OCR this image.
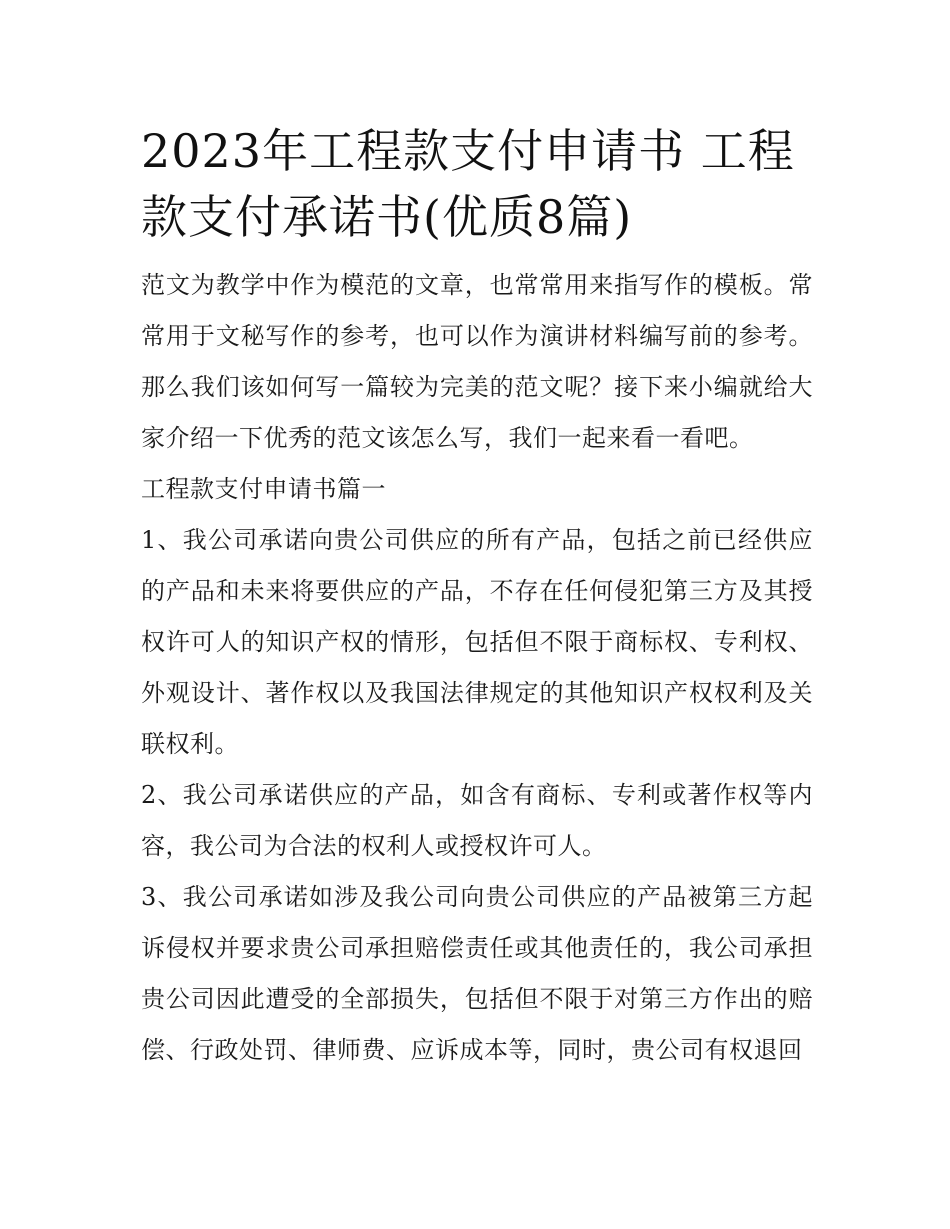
2023年工程款支付申请书 工程款支付承诺书(优质8篇)

范文为教学中作为模范的文章，也常常用来指写作的模板。常常用于文秘写作的参考，也可以作为演讲材料编写前的参考。那么我们该如何写一篇较为完美的范文呢？接下来小编就给大家介绍一下优秀的范文该怎么写，我们一起来看一看吧。

工程款支付申请书篇一

1、我公司承诺向贵公司供应的所有产品，包括之前已经供应的产品和未来将要供应的产品，不存在任何侵犯第三方及其授权许可人的知识产权的情形，包括但不限于商标权、专利权、外观设计、著作权以及我国法律规定的其他知识产权权利及关联权利。

2、我公司承诺供应的产品，如含有商标、专利或著作权等内容，我公司为合法的权利人或授权许可人。

3、我公司承诺如涉及我公司向贵公司供应的产品被第三方起诉侵权并要求贵公司承担赔偿责任或其他责任的，我公司承担贵公司因此遭受的全部损失，包括但不限于对第三方作出的赔偿、行政处罚、律师费、应诉成本等，同时，贵公司有权退回
